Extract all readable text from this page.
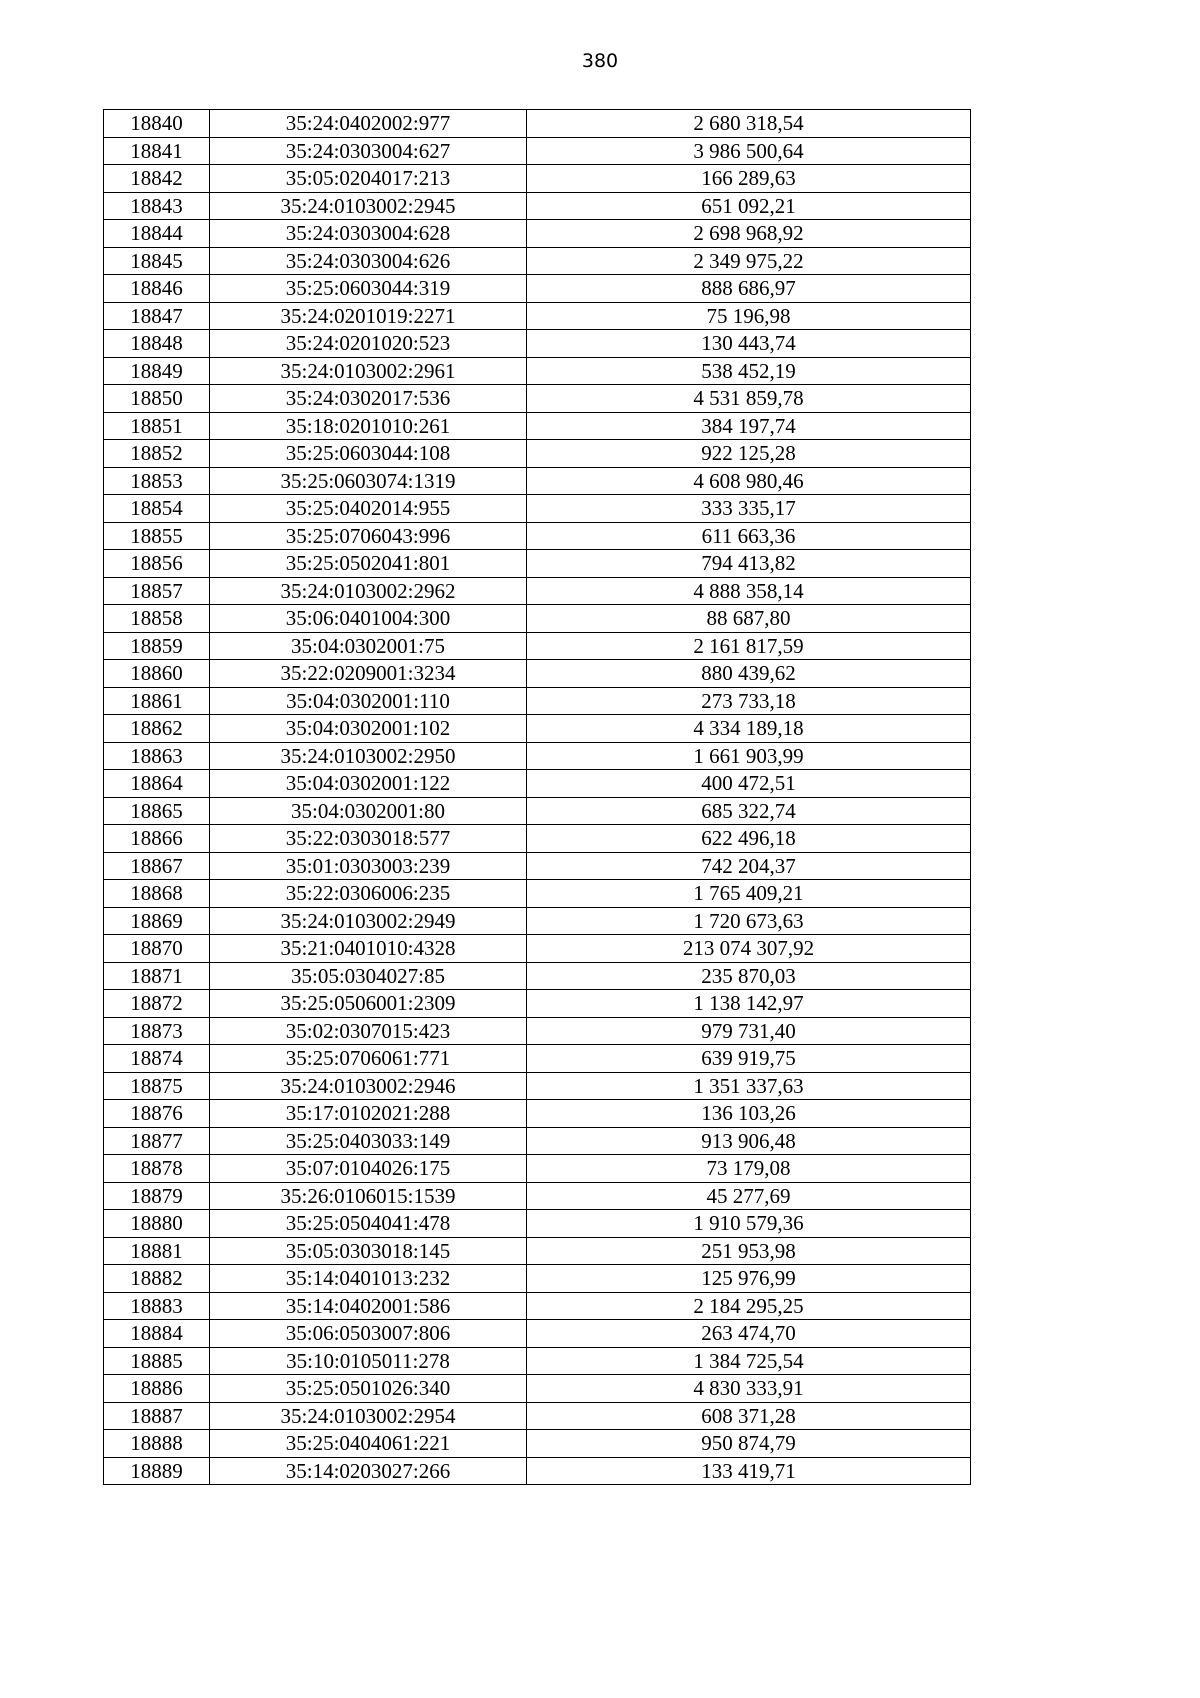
380
18840	35:24:0402002:977	2 680 318,54
18841	35:24:0303004:627	3 986 500,64
18842	35:05:0204017:213	166 289,63
18843	35:24:0103002:2945	651 092,21
18844	35:24:0303004:628	2 698 968,92
18845	35:24:0303004:626	2 349 975,22
18846	35:25:0603044:319	888 686,97
18847	35:24:0201019:2271	75 196,98
18848	35:24:0201020:523	130 443,74
18849	35:24:0103002:2961	538 452,19
18850	35:24:0302017:536	4 531 859,78
18851	35:18:0201010:261	384 197,74
18852	35:25:0603044:108	922 125,28
18853	35:25:0603074:1319	4 608 980,46
18854	35:25:0402014:955	333 335,17
18855	35:25:0706043:996	611 663,36
18856	35:25:0502041:801	794 413,82
18857	35:24:0103002:2962	4 888 358,14
18858	35:06:0401004:300	88 687,80
18859	35:04:0302001:75	2 161 817,59
18860	35:22:0209001:3234	880 439,62
18861	35:04:0302001:110	273 733,18
18862	35:04:0302001:102	4 334 189,18
18863	35:24:0103002:2950	1 661 903,99
18864	35:04:0302001:122	400 472,51
18865	35:04:0302001:80	685 322,74
18866	35:22:0303018:577	622 496,18
18867	35:01:0303003:239	742 204,37
18868	35:22:0306006:235	1 765 409,21
18869	35:24:0103002:2949	1 720 673,63
18870	35:21:0401010:4328	213 074 307,92
18871	35:05:0304027:85	235 870,03
18872	35:25:0506001:2309	1 138 142,97
18873	35:02:0307015:423	979 731,40
18874	35:25:0706061:771	639 919,75
18875	35:24:0103002:2946	1 351 337,63
18876	35:17:0102021:288	136 103,26
18877	35:25:0403033:149	913 906,48
18878	35:07:0104026:175	73 179,08
18879	35:26:0106015:1539	45 277,69
18880	35:25:0504041:478	1 910 579,36
18881	35:05:0303018:145	251 953,98
18882	35:14:0401013:232	125 976,99
18883	35:14:0402001:586	2 184 295,25
18884	35:06:0503007:806	263 474,70
18885	35:10:0105011:278	1 384 725,54
18886	35:25:0501026:340	4 830 333,91
18887	35:24:0103002:2954	608 371,28
18888	35:25:0404061:221	950 874,79
18889	35:14:0203027:266	133 419,71
